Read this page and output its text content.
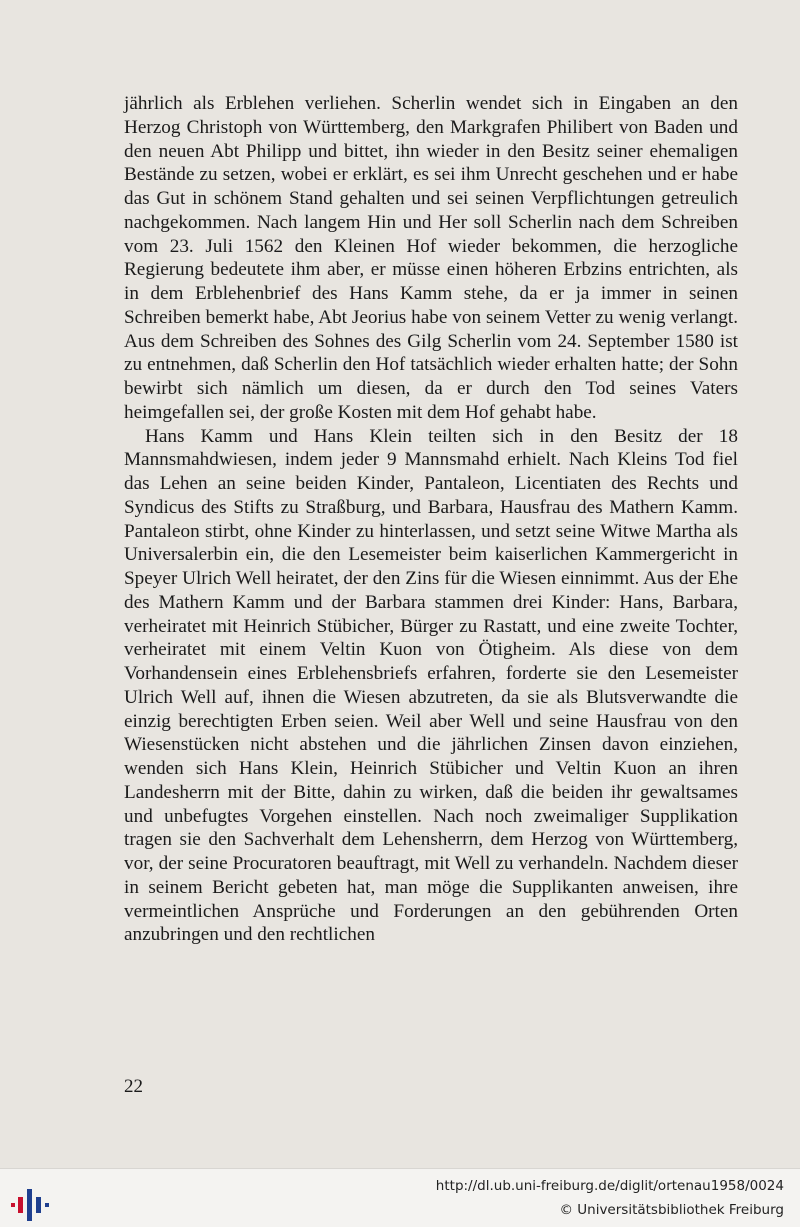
jährlich als Erblehen verliehen. Scherlin wendet sich in Eingaben an den Herzog Christoph von Württemberg, den Markgrafen Philibert von Baden und den neuen Abt Philipp und bittet, ihn wieder in den Besitz seiner ehemaligen Bestände zu setzen, wobei er erklärt, es sei ihm Unrecht geschehen und er habe das Gut in schönem Stand gehalten und sei seinen Verpflichtungen getreulich nachgekommen. Nach langem Hin und Her soll Scherlin nach dem Schreiben vom 23. Juli 1562 den Kleinen Hof wieder bekommen, die herzogliche Regierung bedeutete ihm aber, er müsse einen höheren Erbzins entrichten, als in dem Erblehenbrief des Hans Kamm stehe, da er ja immer in seinen Schreiben bemerkt habe, Abt Jeorius habe von seinem Vetter zu wenig verlangt. Aus dem Schreiben des Sohnes des Gilg Scherlin vom 24. September 1580 ist zu entnehmen, daß Scherlin den Hof tatsächlich wieder erhalten hatte; der Sohn bewirbt sich nämlich um diesen, da er durch den Tod seines Vaters heimgefallen sei, der große Kosten mit dem Hof gehabt habe.

Hans Kamm und Hans Klein teilten sich in den Besitz der 18 Mannsmahdwiesen, indem jeder 9 Mannsmahd erhielt. Nach Kleins Tod fiel das Lehen an seine beiden Kinder, Pantaleon, Licentiaten des Rechts und Syndicus des Stifts zu Straßburg, und Barbara, Hausfrau des Mathern Kamm. Pantaleon stirbt, ohne Kinder zu hinterlassen, und setzt seine Witwe Martha als Universalerbin ein, die den Lesemeister beim kaiserlichen Kammergericht in Speyer Ulrich Well heiratet, der den Zins für die Wiesen einnimmt. Aus der Ehe des Mathern Kamm und der Barbara stammen drei Kinder: Hans, Barbara, verheiratet mit Heinrich Stübicher, Bürger zu Rastatt, und eine zweite Tochter, verheiratet mit einem Veltin Kuon von Ötigheim. Als diese von dem Vorhandensein eines Erblehensbriefs erfahren, forderte sie den Lesemeister Ulrich Well auf, ihnen die Wiesen abzutreten, da sie als Blutsverwandte die einzig berechtigten Erben seien. Weil aber Well und seine Hausfrau von den Wiesenstücken nicht abstehen und die jährlichen Zinsen davon einziehen, wenden sich Hans Klein, Heinrich Stübicher und Veltin Kuon an ihren Landesherrn mit der Bitte, dahin zu wirken, daß die beiden ihr gewaltsames und unbefugtes Vorgehen einstellen. Nach noch zweimaliger Supplikation tragen sie den Sachverhalt dem Lehensherrn, dem Herzog von Württemberg, vor, der seine Procuratoren beauftragt, mit Well zu verhandeln. Nachdem dieser in seinem Bericht gebeten hat, man möge die Supplikanten anweisen, ihre vermeintlichen Ansprüche und Forderungen an den gebührenden Orten anzubringen und den rechtlichen

22
http://dl.ub.uni-freiburg.de/diglit/ortenau1958/0024
© Universitätsbibliothek Freiburg
